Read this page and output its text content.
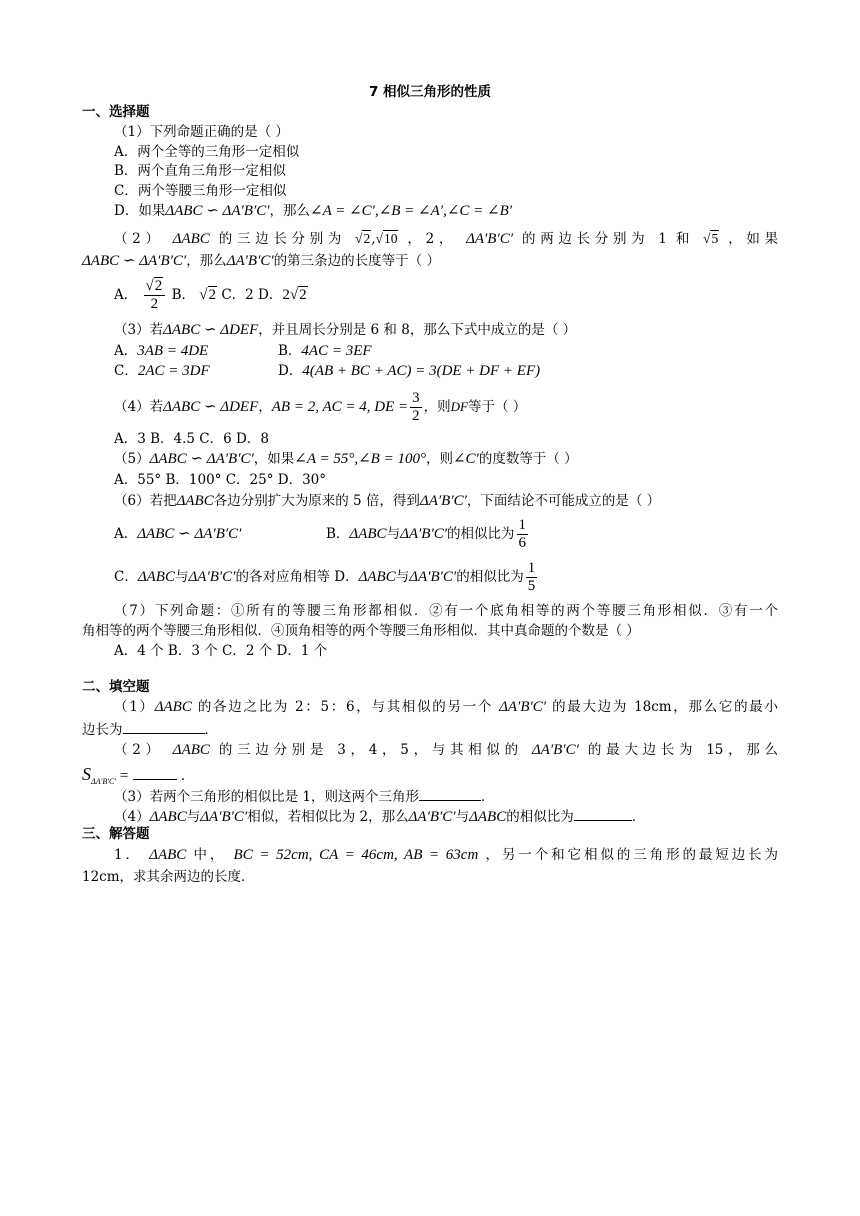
7 相似三角形的性质
一、选择题
（1）下列命题正确的是（ ）
A．两个全等的三角形一定相似
B．两个直角三角形一定相似
C．两个等腰三角形一定相似
D．如果ΔABC ∽ ΔA′B′C′，那么∠A = ∠C′,∠B = ∠A′,∠C = ∠B′
（2） ΔABC 的三边长分别为 √2,√10 ，2， ΔA′B′C′ 的两边长分别为 1 和 √5 ，如果
ΔABC ∽ ΔA′B′C′，那么ΔA′B′C′的第三条边的长度等于（ ）
A． $\frac{√2}{2}$ B． √2 C．2 D．2√2
（3）若ΔABC ∽ ΔDEF，并且周长分别是 6 和 8，那么下式中成立的是（ ）
A．3AB = 4DE	B．4AC = 3EF
C．2AC = 3DF	D．4(AB + BC + AC) = 3(DE + DF + EF)
（4）若ΔABC ∽ ΔDEF，AB = 2, AC = 4, DE = $\frac{3}{2}$ ，则DF等于（ ）
A．3 B．4.5 C．6 D．8
（5）ΔABC ∽ ΔA′B′C′，如果∠A = 55°,∠B = 100°，则∠C′的度数等于（ ）
A．55° B．100° C．25° D．30°
（6）若把ΔABC各边分别扩大为原来的 5 倍，得到ΔA′B′C′，下面结论不可能成立的是（ ）
A．ΔABC ∽ ΔA′B′C′	B．ΔABC与ΔA′B′C′的相似比为 $\frac{1}{6}$
C．ΔABC与ΔA′B′C′的各对应角相等 D．ΔABC与ΔA′B′C′的相似比为 $\frac{1}{5}$
（7）下列命题：①所有的等腰三角形都相似．②有一个底角相等的两个等腰三角形相似．③有一个
角相等的两个等腰三角形相似．④顶角相等的两个等腰三角形相似．其中真命题的个数是（ ）
A．4 个 B．3 个 C．2 个 D．1 个
二、填空题
（1）ΔABC 的各边之比为 2：5：6，与其相似的另一个 ΔA′B′C′ 的最大边为 18cm，那么它的最小
边长为	．
（2） ΔABC 的三边分别是 3，4，5，与其相似的 ΔA′B′C′ 的最大边长为 15，那么
$S_{\Delta A'B'C'}$ =	．
（3）若两个三角形的相似比是 1，则这两个三角形	．
（4）ΔABC与ΔA′B′C′相似，若相似比为 2，那么ΔA′B′C′与ΔABC的相似比为	．
三、解答题
1． ΔABC 中， BC = 52cm, CA = 46cm, AB = 63cm ，另一个和它相似的三角形的最短边长为
12cm，求其余两边的长度．
